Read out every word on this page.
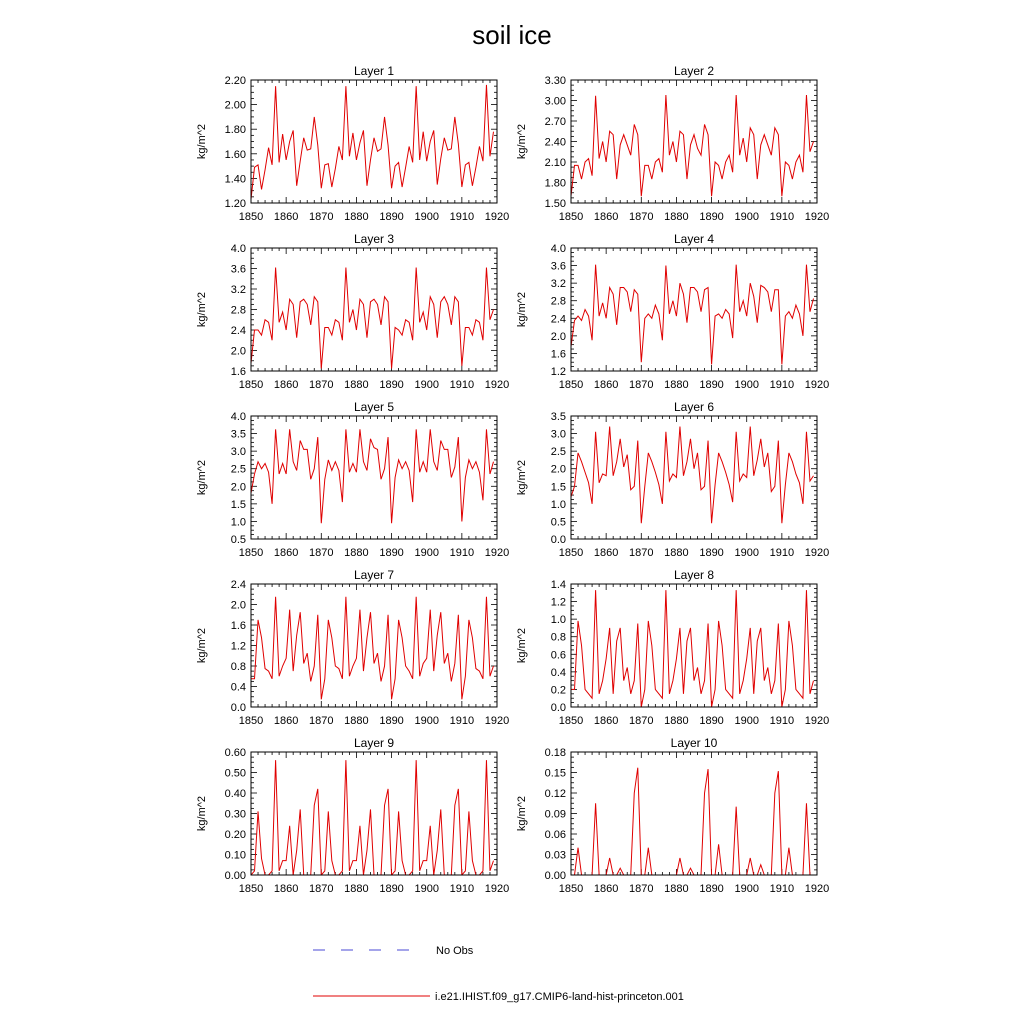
soil ice
1850 1860 1870 1880 1890 1900 1910 1920
1.20
1.40
1.60
1.80
2.00
2.20
Layer 1
kg/m^2
1850 1860 1870 1880 1890 1900 1910 1920
1.50
1.80
2.10
2.40
2.70
3.00
3.30
Layer 2
kg/m^2
1850 1860 1870 1880 1890 1900 1910 1920
1.6
2.0
2.4
2.8
3.2
3.6
4.0
Layer 3
kg/m^2
1850 1860 1870 1880 1890 1900 1910 1920
1.2
1.6
2.0
2.4
2.8
3.2
3.6
4.0
Layer 4
kg/m^2
1850 1860 1870 1880 1890 1900 1910 1920
0.5
1.0
1.5
2.0
2.5
3.0
3.5
4.0
Layer 5
kg/m^2
1850 1860 1870 1880 1890 1900 1910 1920
0.0
0.5
1.0
1.5
2.0
2.5
3.0
3.5
Layer 6
kg/m^2
1850 1860 1870 1880 1890 1900 1910 1920
0.0
0.4
0.8
1.2
1.6
2.0
2.4
Layer 7
kg/m^2
1850 1860 1870 1880 1890 1900 1910 1920
0.0
0.2
0.4
0.6
0.8
1.0
1.2
1.4
Layer 8
kg/m^2
1850 1860 1870 1880 1890 1900 1910 1920
0.00
0.10
0.20
0.30
0.40
0.50
0.60
Layer 9
kg/m^2
1850 1860 1870 1880 1890 1900 1910 1920
0.00
0.03
0.06
0.09
0.12
0.15
0.18
Layer 10
kg/m^2
No Obs
i.e21.IHIST.f09_g17.CMIP6-land-hist-princeton.001
